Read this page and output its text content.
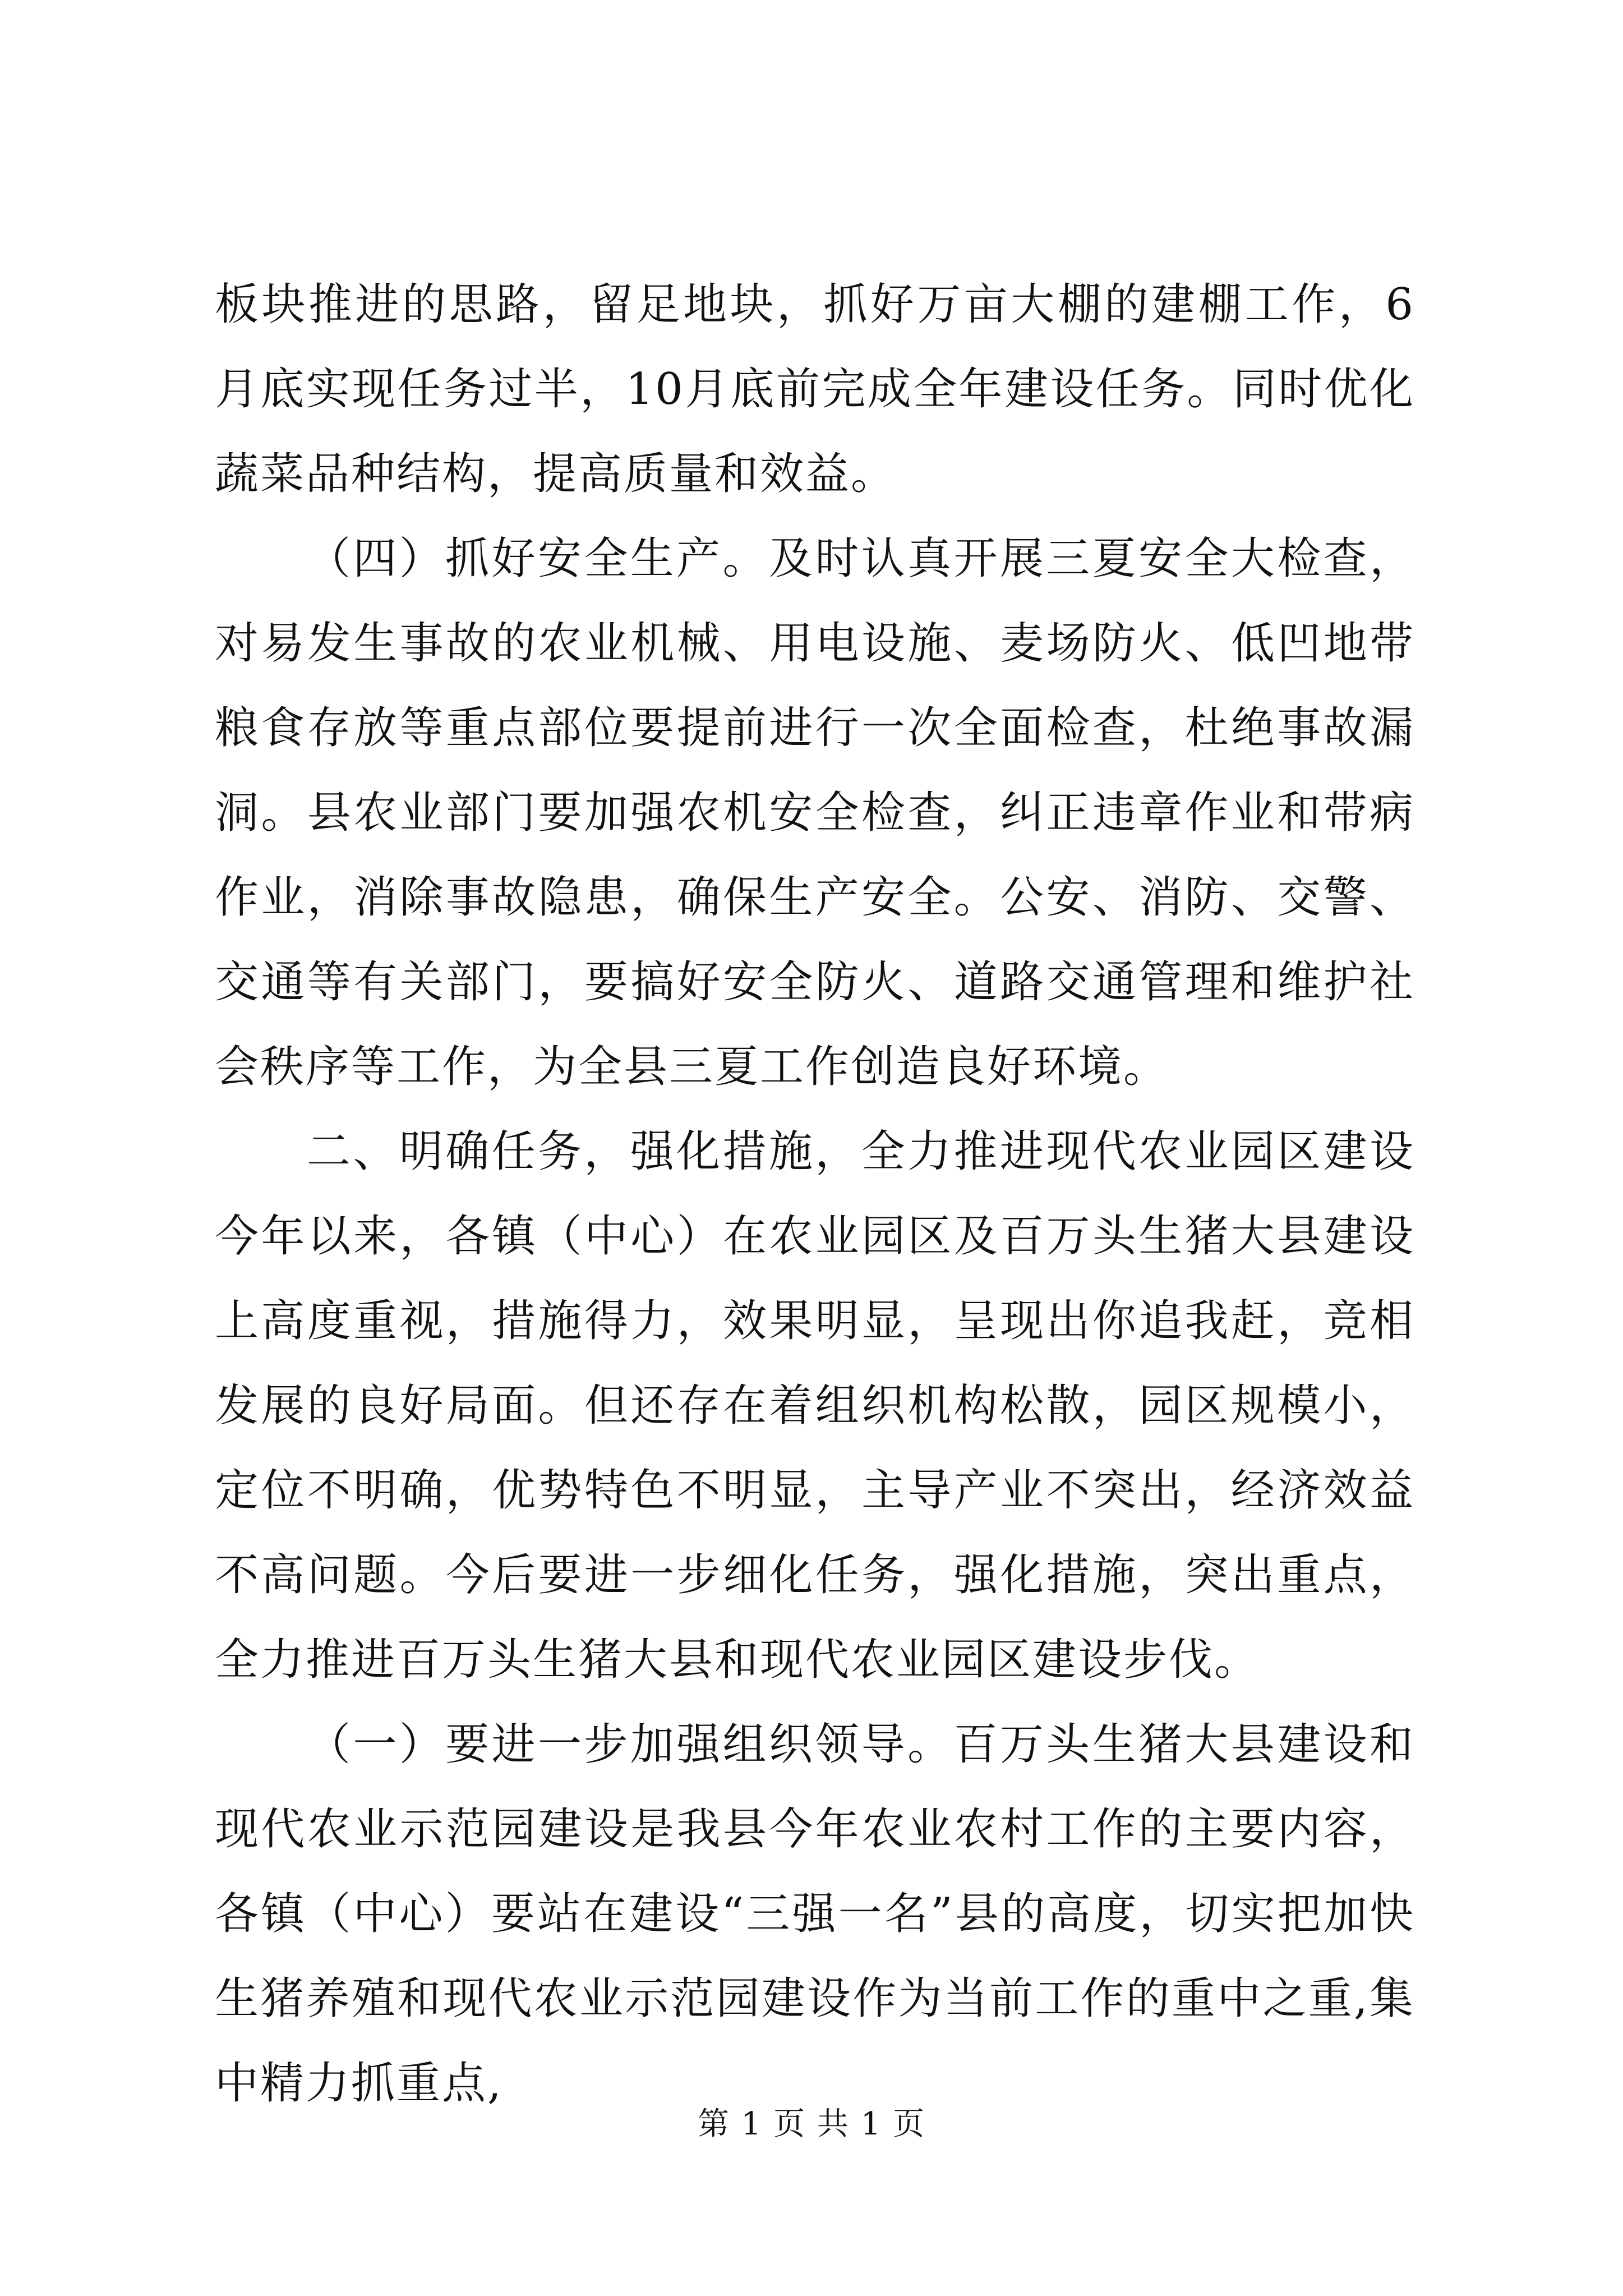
板块推进的思路，留足地块，抓好万亩大棚的建棚工作，6月底实现任务过半，10月底前完成全年建设任务。同时优化蔬菜品种结构，提高质量和效益。

（四）抓好安全生产。及时认真开展三夏安全大检查，对易发生事故的农业机械、用电设施、麦场防火、低凹地带粮食存放等重点部位要提前进行一次全面检查，杜绝事故漏洞。县农业部门要加强农机安全检查，纠正违章作业和带病作业，消除事故隐患，确保生产安全。公安、消防、交警、交通等有关部门，要搞好安全防火、道路交通管理和维护社会秩序等工作，为全县三夏工作创造良好环境。

二、明确任务，强化措施，全力推进现代农业园区建设今年以来，各镇（中心）在农业园区及百万头生猪大县建设上高度重视，措施得力，效果明显，呈现出你追我赶，竞相发展的良好局面。但还存在着组织机构松散，园区规模小，定位不明确，优势特色不明显，主导产业不突出，经济效益不高问题。今后要进一步细化任务，强化措施，突出重点，全力推进百万头生猪大县和现代农业园区建设步伐。

（一）要进一步加强组织领导。百万头生猪大县建设和现代农业示范园建设是我县今年农业农村工作的主要内容，各镇（中心）要站在建设“三强一名”县的高度，切实把加快生猪养殖和现代农业示范园建设作为当前工作的重中之重,集中精力抓重点,

第 1 页 共 1 页
